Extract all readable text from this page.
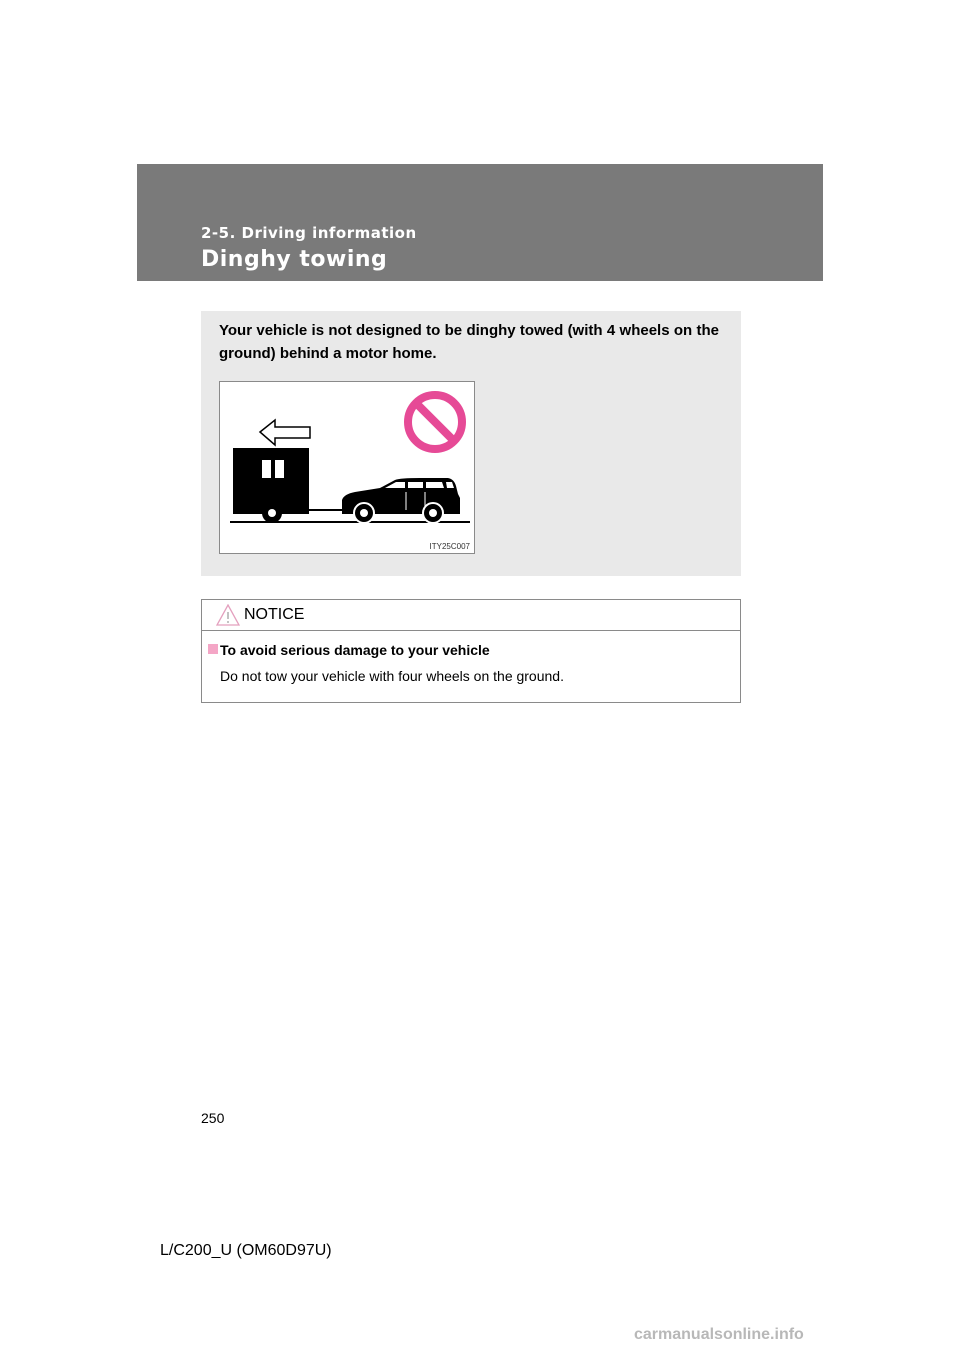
2-5. Driving information
Dinghy towing
Your vehicle is not designed to be dinghy towed (with 4 wheels on the ground) behind a motor home.
ITY25C007
NOTICE
To avoid serious damage to your vehicle
Do not tow your vehicle with four wheels on the ground.
250
L/C200_U (OM60D97U)
carmanualsonline.info
